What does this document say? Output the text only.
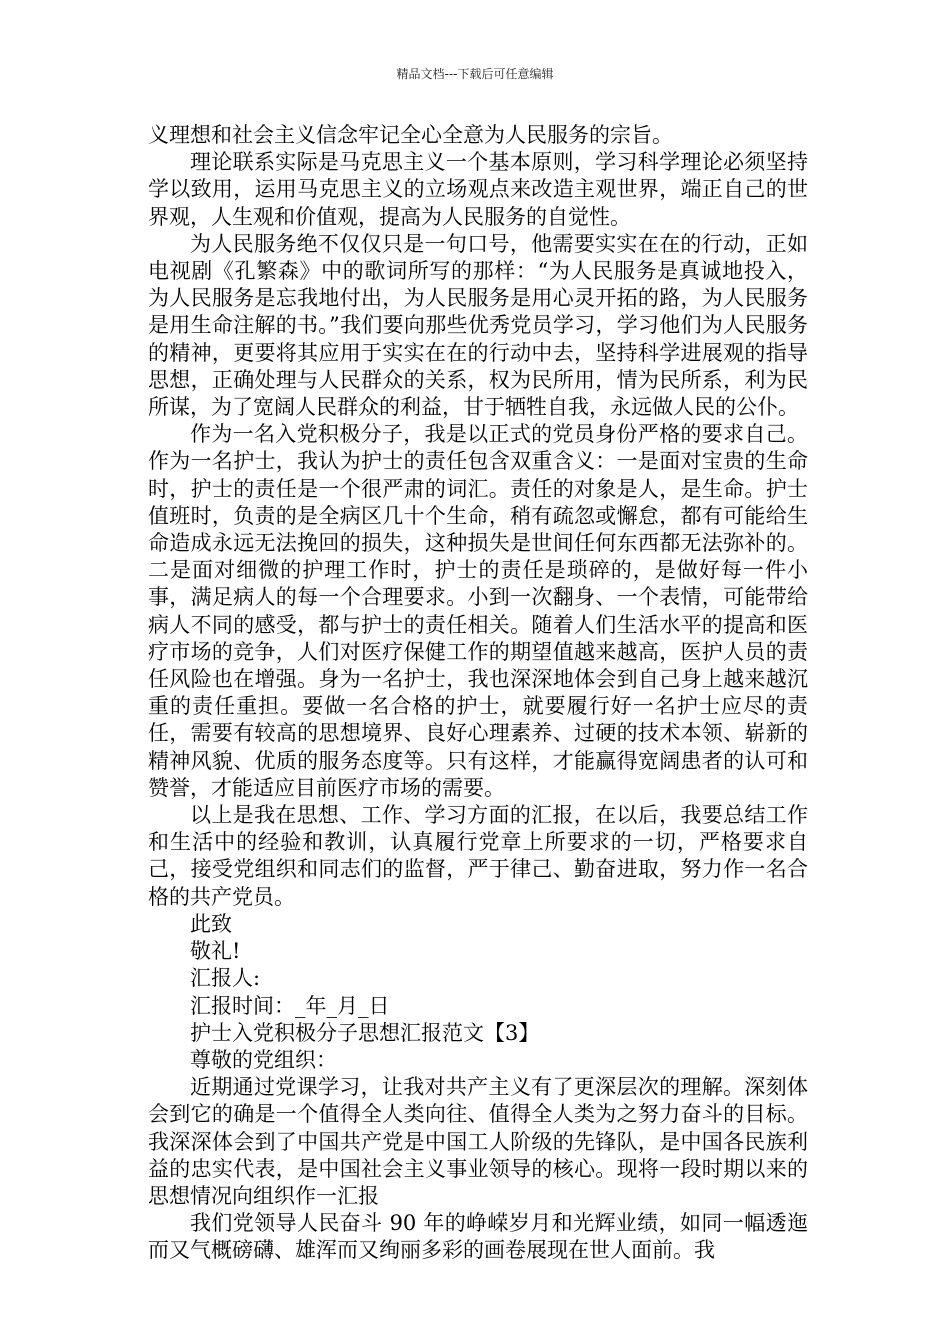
精品文档---下载后可任意编辑

义理想和社会主义信念牢记全心全意为人民服务的宗旨。

理论联系实际是马克思主义一个基本原则，学习科学理论必须坚持学以致用，运用马克思主义的立场观点来改造主观世界，端正自己的世界观，人生观和价值观，提高为人民服务的自觉性。

为人民服务绝不仅仅只是一句口号，他需要实实在在的行动，正如电视剧《孔繁森》中的歌词所写的那样：“为人民服务是真诚地投入，为人民服务是忘我地付出，为人民服务是用心灵开拓的路，为人民服务是用生命注解的书。”我们要向那些优秀党员学习，学习他们为人民服务的精神，更要将其应用于实实在在的行动中去，坚持科学进展观的指导思想，正确处理与人民群众的关系，权为民所用，情为民所系，利为民所谋，为了宽阔人民群众的利益，甘于牺牲自我，永远做人民的公仆。

作为一名入党积极分子，我是以正式的党员身份严格的要求自己。作为一名护士，我认为护士的责任包含双重含义：一是面对宝贵的生命时，护士的责任是一个很严肃的词汇。责任的对象是人，是生命。护士值班时，负责的是全病区几十个生命，稍有疏忽或懈怠，都有可能给生命造成永远无法挽回的损失，这种损失是世间任何东西都无法弥补的。二是面对细微的护理工作时，护士的责任是琐碎的，是做好每一件小事，满足病人的每一个合理要求。小到一次翻身、一个表情，可能带给病人不同的感受，都与护士的责任相关。随着人们生活水平的提高和医疗市场的竞争，人们对医疗保健工作的期望值越来越高，医护人员的责任风险也在增强。身为一名护士，我也深深地体会到自己身上越来越沉重的责任重担。要做一名合格的护士，就要履行好一名护士应尽的责任，需要有较高的思想境界、良好心理素养、过硬的技术本领、崭新的精神风貌、优质的服务态度等。只有这样，才能赢得宽阔患者的认可和赞誉，才能适应目前医疗市场的需要。

以上是我在思想、工作、学习方面的汇报，在以后，我要总结工作和生活中的经验和教训，认真履行党章上所要求的一切，严格要求自己，接受党组织和同志们的监督，严于律己、勤奋进取，努力作一名合格的共产党员。

此致

敬礼!

汇报人:

汇报时间：_年_月_日

护士入党积极分子思想汇报范文【3】

尊敬的党组织：

近期通过党课学习，让我对共产主义有了更深层次的理解。深刻体会到它的确是一个值得全人类向往、值得全人类为之努力奋斗的目标。我深深体会到了中国共产党是中国工人阶级的先锋队，是中国各民族利益的忠实代表，是中国社会主义事业领导的核心。现将一段时期以来的思想情况向组织作一汇报

我们党领导人民奋斗 90 年的峥嵘岁月和光辉业绩，如同一幅透迤而又气概磅礴、雄浑而又绚丽多彩的画卷展现在世人面前。我
